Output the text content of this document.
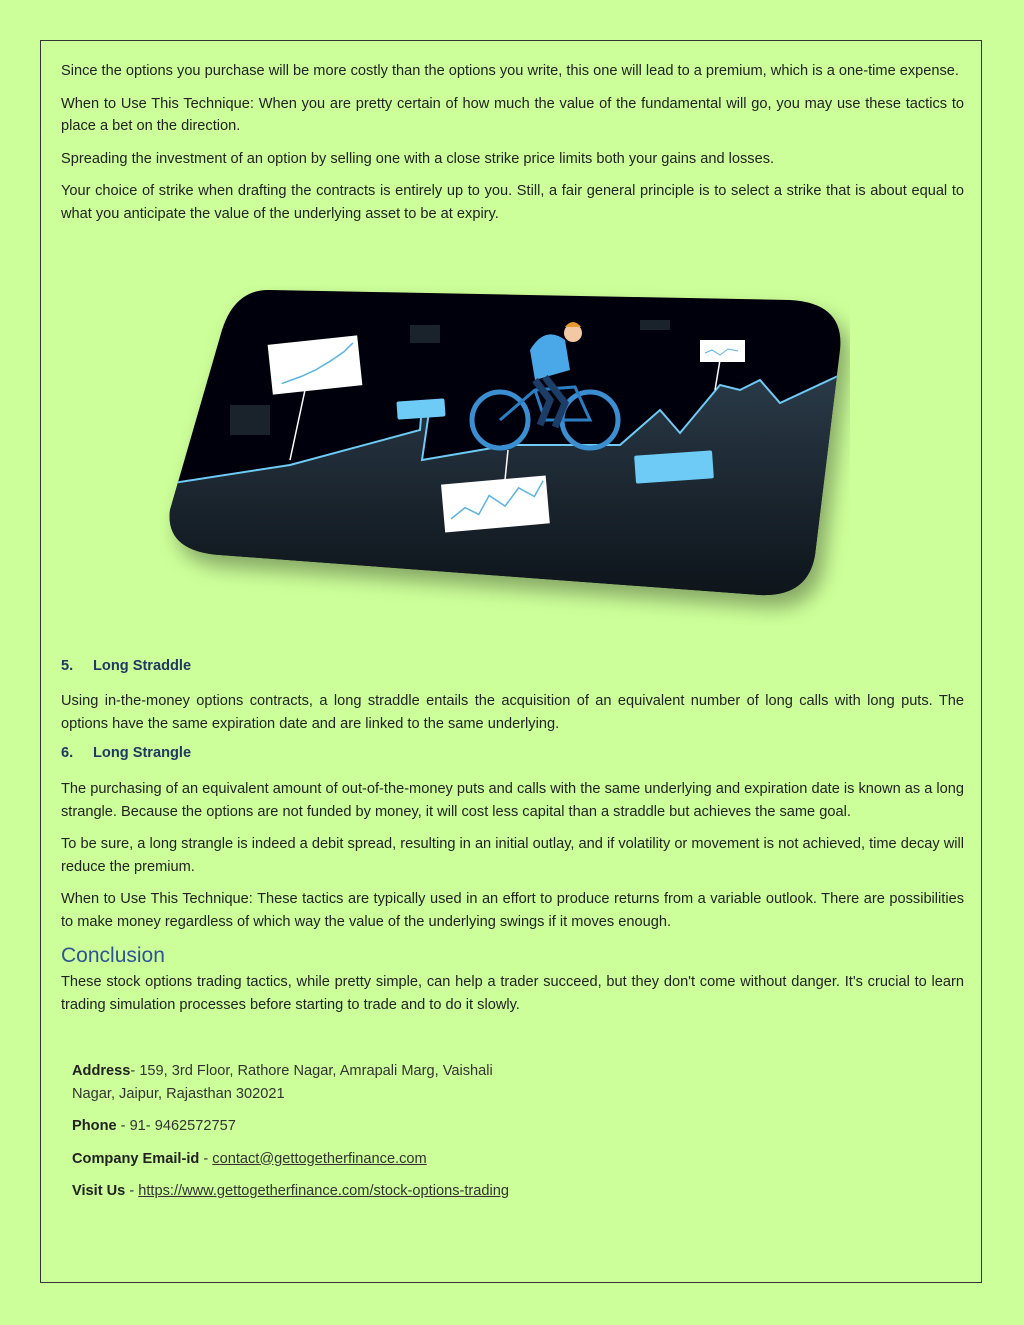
Since the options you purchase will be more costly than the options you write, this one will lead to a premium, which is a one-time expense.

When to Use This Technique: When you are pretty certain of how much the value of the fundamental will go, you may use these tactics to place a bet on the direction.

Spreading the investment of an option by selling one with a close strike price limits both your gains and losses.

Your choice of strike when drafting the contracts is entirely up to you. Still, a fair general principle is to select a strike that is about equal to what you anticipate the value of the underlying asset to be at expiry.

5. Long Straddle

Using in-the-money options contracts, a long straddle entails the acquisition of an equivalent number of long calls with long puts. The options have the same expiration date and are linked to the same underlying.

6. Long Strangle

The purchasing of an equivalent amount of out-of-the-money puts and calls with the same underlying and expiration date is known as a long strangle. Because the options are not funded by money, it will cost less capital than a straddle but achieves the same goal.

To be sure, a long strangle is indeed a debit spread, resulting in an initial outlay, and if volatility or movement is not achieved, time decay will reduce the premium.

When to Use This Technique: These tactics are typically used in an effort to produce returns from a variable outlook. There are possibilities to make money regardless of which way the value of the underlying swings if it moves enough.

Conclusion

These stock options trading tactics, while pretty simple, can help a trader succeed, but they don't come without danger. It's crucial to learn trading simulation processes before starting to trade and to do it slowly.

Address- 159, 3rd Floor, Rathore Nagar, Amrapali Marg, Vaishali Nagar, Jaipur, Rajasthan 302021

Phone - 91- 9462572757

Company Email-id - contact@gettogetherfinance.com

Visit Us - https://www.gettogetherfinance.com/stock-options-trading
